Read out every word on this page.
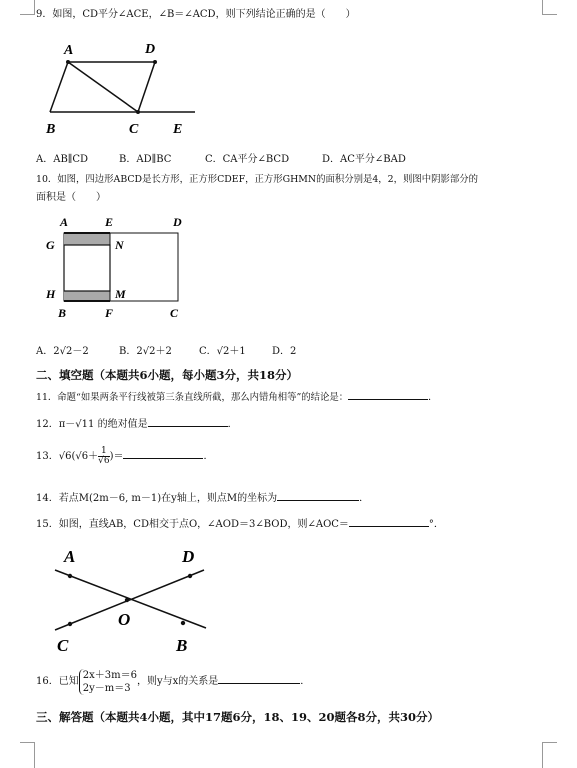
9．如图，CD平分∠ACE，∠B＝∠ACD，则下列结论正确的是（　　）
A	D
B	C E
A	E	D
G	N
H	M
B	F	C
A	D
O
C	B
A．AB∥CD	B．AD∥BC	C．CA平分∠BCD	D．AC平分∠BAD
10．如图，四边形ABCD是长方形，正方形CDEF，正方形GHMN的面积分别是4，2，则图中阴影部分的
面积是（　　）
A．2√2－2	B．2√2＋2	C．√2＋1	D．2
二、填空题（本题共6小题，每小题3分，共18分）
11．命题“如果两条平行线被第三条直线所截，那么内错角相等”的结论是：	．
12．π－√11 的绝对值是	．
13．$√6(√6+ \frac{1}{√6}$ )＝	．
14．若点M(2m－6, m－1)在y轴上，则点M的坐标为	．
15．如图，直线AB，CD相交于点O，∠AOD＝3∠BOD，则∠AOC＝	°．
16．已知
2x＋3m＝6
2y－m＝3
，则y与x的关系是	．
三、解答题（本题共4小题，其中17题6分，18、19、20题各8分，共30分）
